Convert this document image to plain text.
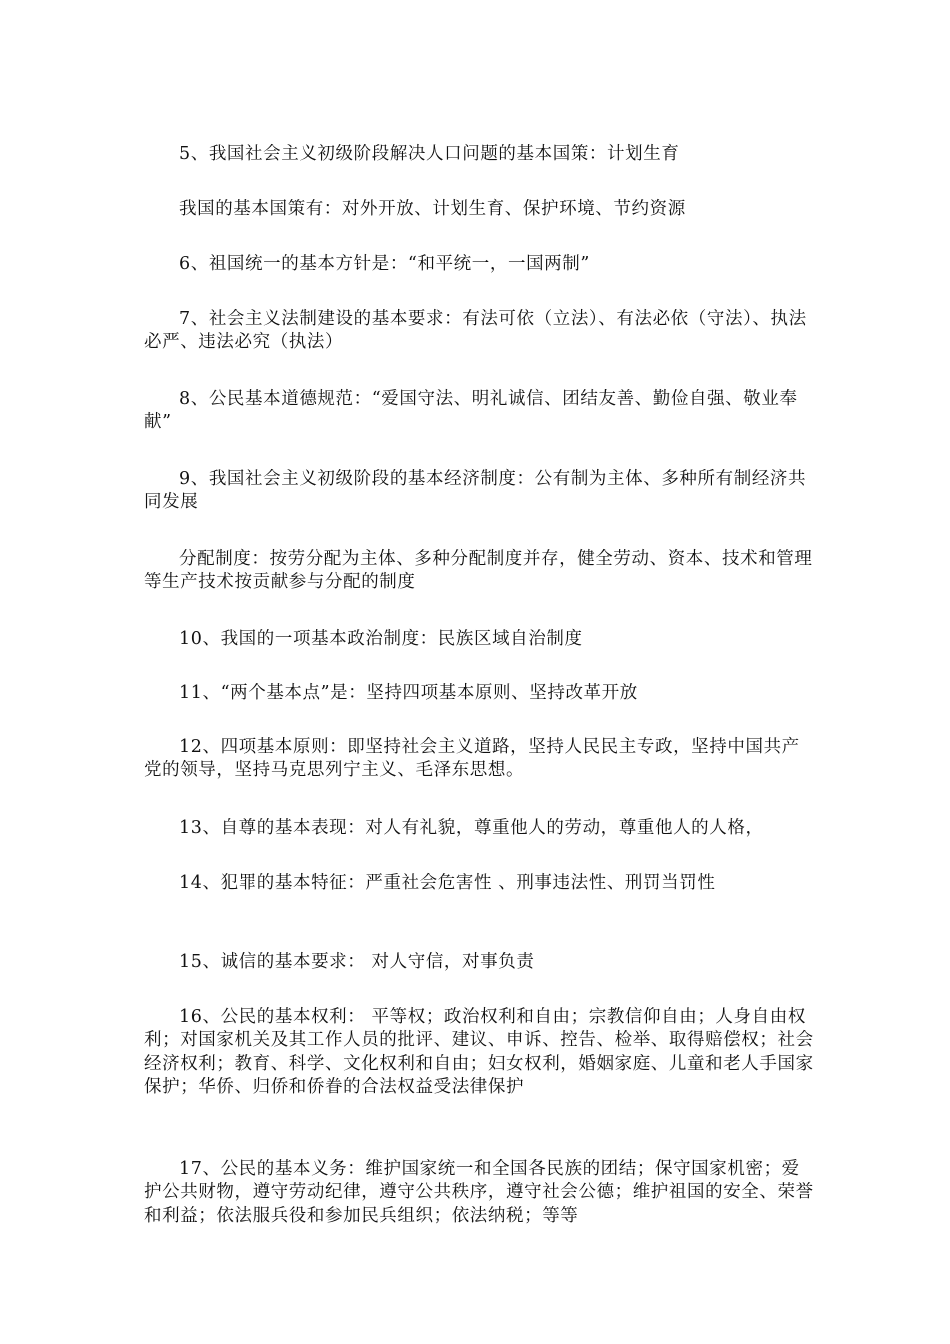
5、我国社会主义初级阶段解决人口问题的基本国策：计划生育

我国的基本国策有：对外开放、计划生育、保护环境、节约资源

6、祖国统一的基本方针是：“和平统一，一国两制”

7、社会主义法制建设的基本要求：有法可依（立法）、有法必依（守法）、执法必严、违法必究（执法）

8、公民基本道德规范：“爱国守法、明礼诚信、团结友善、勤俭自强、敬业奉献”

9、我国社会主义初级阶段的基本经济制度：公有制为主体、多种所有制经济共同发展

分配制度：按劳分配为主体、多种分配制度并存，健全劳动、资本、技术和管理等生产技术按贡献参与分配的制度

10、我国的一项基本政治制度：民族区域自治制度

11、“两个基本点”是：坚持四项基本原则、坚持改革开放

12、四项基本原则：即坚持社会主义道路，坚持人民民主专政，坚持中国共产党的领导，坚持马克思列宁主义、毛泽东思想。

13、自尊的基本表现：对人有礼貌，尊重他人的劳动，尊重他人的人格，

14、犯罪的基本特征：严重社会危害性 、刑事违法性、刑罚当罚性

15、诚信的基本要求： 对人守信，对事负责

16、公民的基本权利： 平等权；政治权利和自由；宗教信仰自由；人身自由权利；对国家机关及其工作人员的批评、建议、申诉、控告、检举、取得赔偿权；社会经济权利；教育、科学、文化权利和自由；妇女权利，婚姻家庭、儿童和老人手国家保护；华侨、归侨和侨眷的合法权益受法律保护

17、公民的基本义务：维护国家统一和全国各民族的团结；保守国家机密；爱护公共财物，遵守劳动纪律，遵守公共秩序，遵守社会公德；维护祖国的安全、荣誉和利益；依法服兵役和参加民兵组织；依法纳税；等等
